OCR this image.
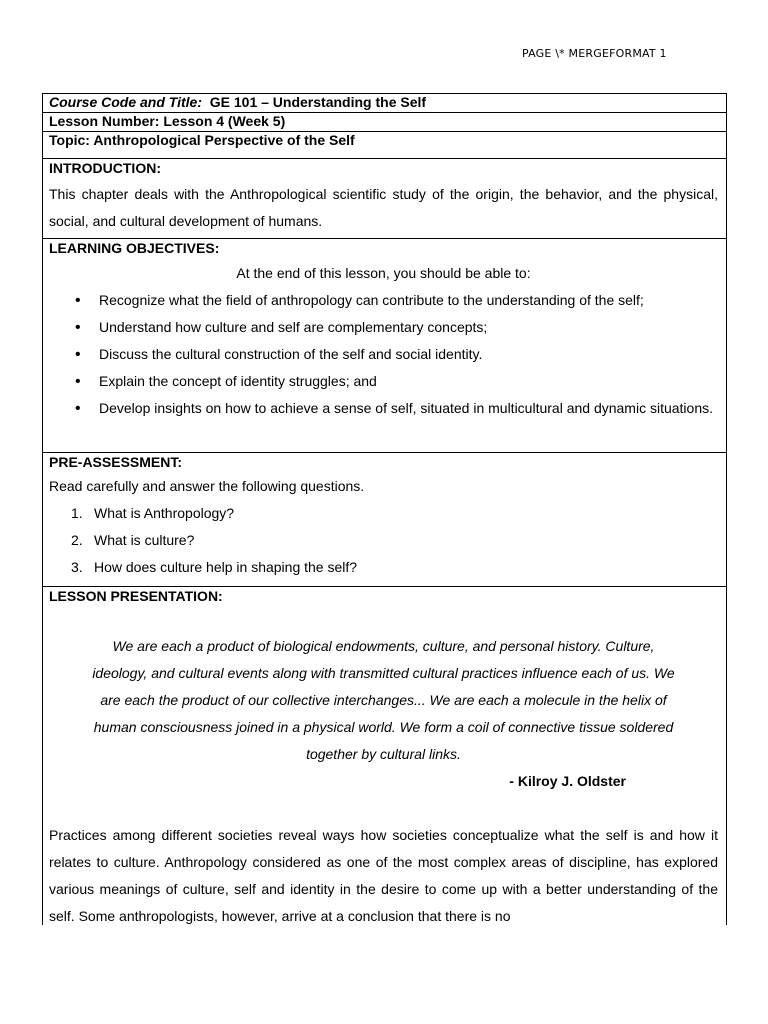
PAGE \* MERGEFORMAT 1
Course Code and Title: GE 101 – Understanding the Self
Lesson Number: Lesson 4 (Week 5)
Topic: Anthropological Perspective of the Self
INTRODUCTION:

This chapter deals with the Anthropological scientific study of the origin, the behavior, and the physical, social, and cultural development of humans.

LEARNING OBJECTIVES:
At the end of this lesson, you should be able to:
• Recognize what the field of anthropology can contribute to the understanding of the self;
• Understand how culture and self are complementary concepts;
• Discuss the cultural construction of the self and social identity.
• Explain the concept of identity struggles; and
• Develop insights on how to achieve a sense of self, situated in multicultural and dynamic situations.
PRE-ASSESSMENT:
Read carefully and answer the following questions.
1. What is Anthropology?
2. What is culture?
3. How does culture help in shaping the self?
LESSON PRESENTATION:
We are each a product of biological endowments, culture, and personal history. Culture, ideology, and cultural events along with transmitted cultural practices influence each of us. We are each the product of our collective interchanges... We are each a molecule in the helix of human consciousness joined in a physical world. We form a coil of connective tissue soldered together by cultural links.
- Kilroy J. Oldster

Practices among different societies reveal ways how societies conceptualize what the self is and how it relates to culture. Anthropology considered as one of the most complex areas of discipline, has explored various meanings of culture, self and identity in the desire to come up with a better understanding of the self. Some anthropologists, however, arrive at a conclusion that there is no
